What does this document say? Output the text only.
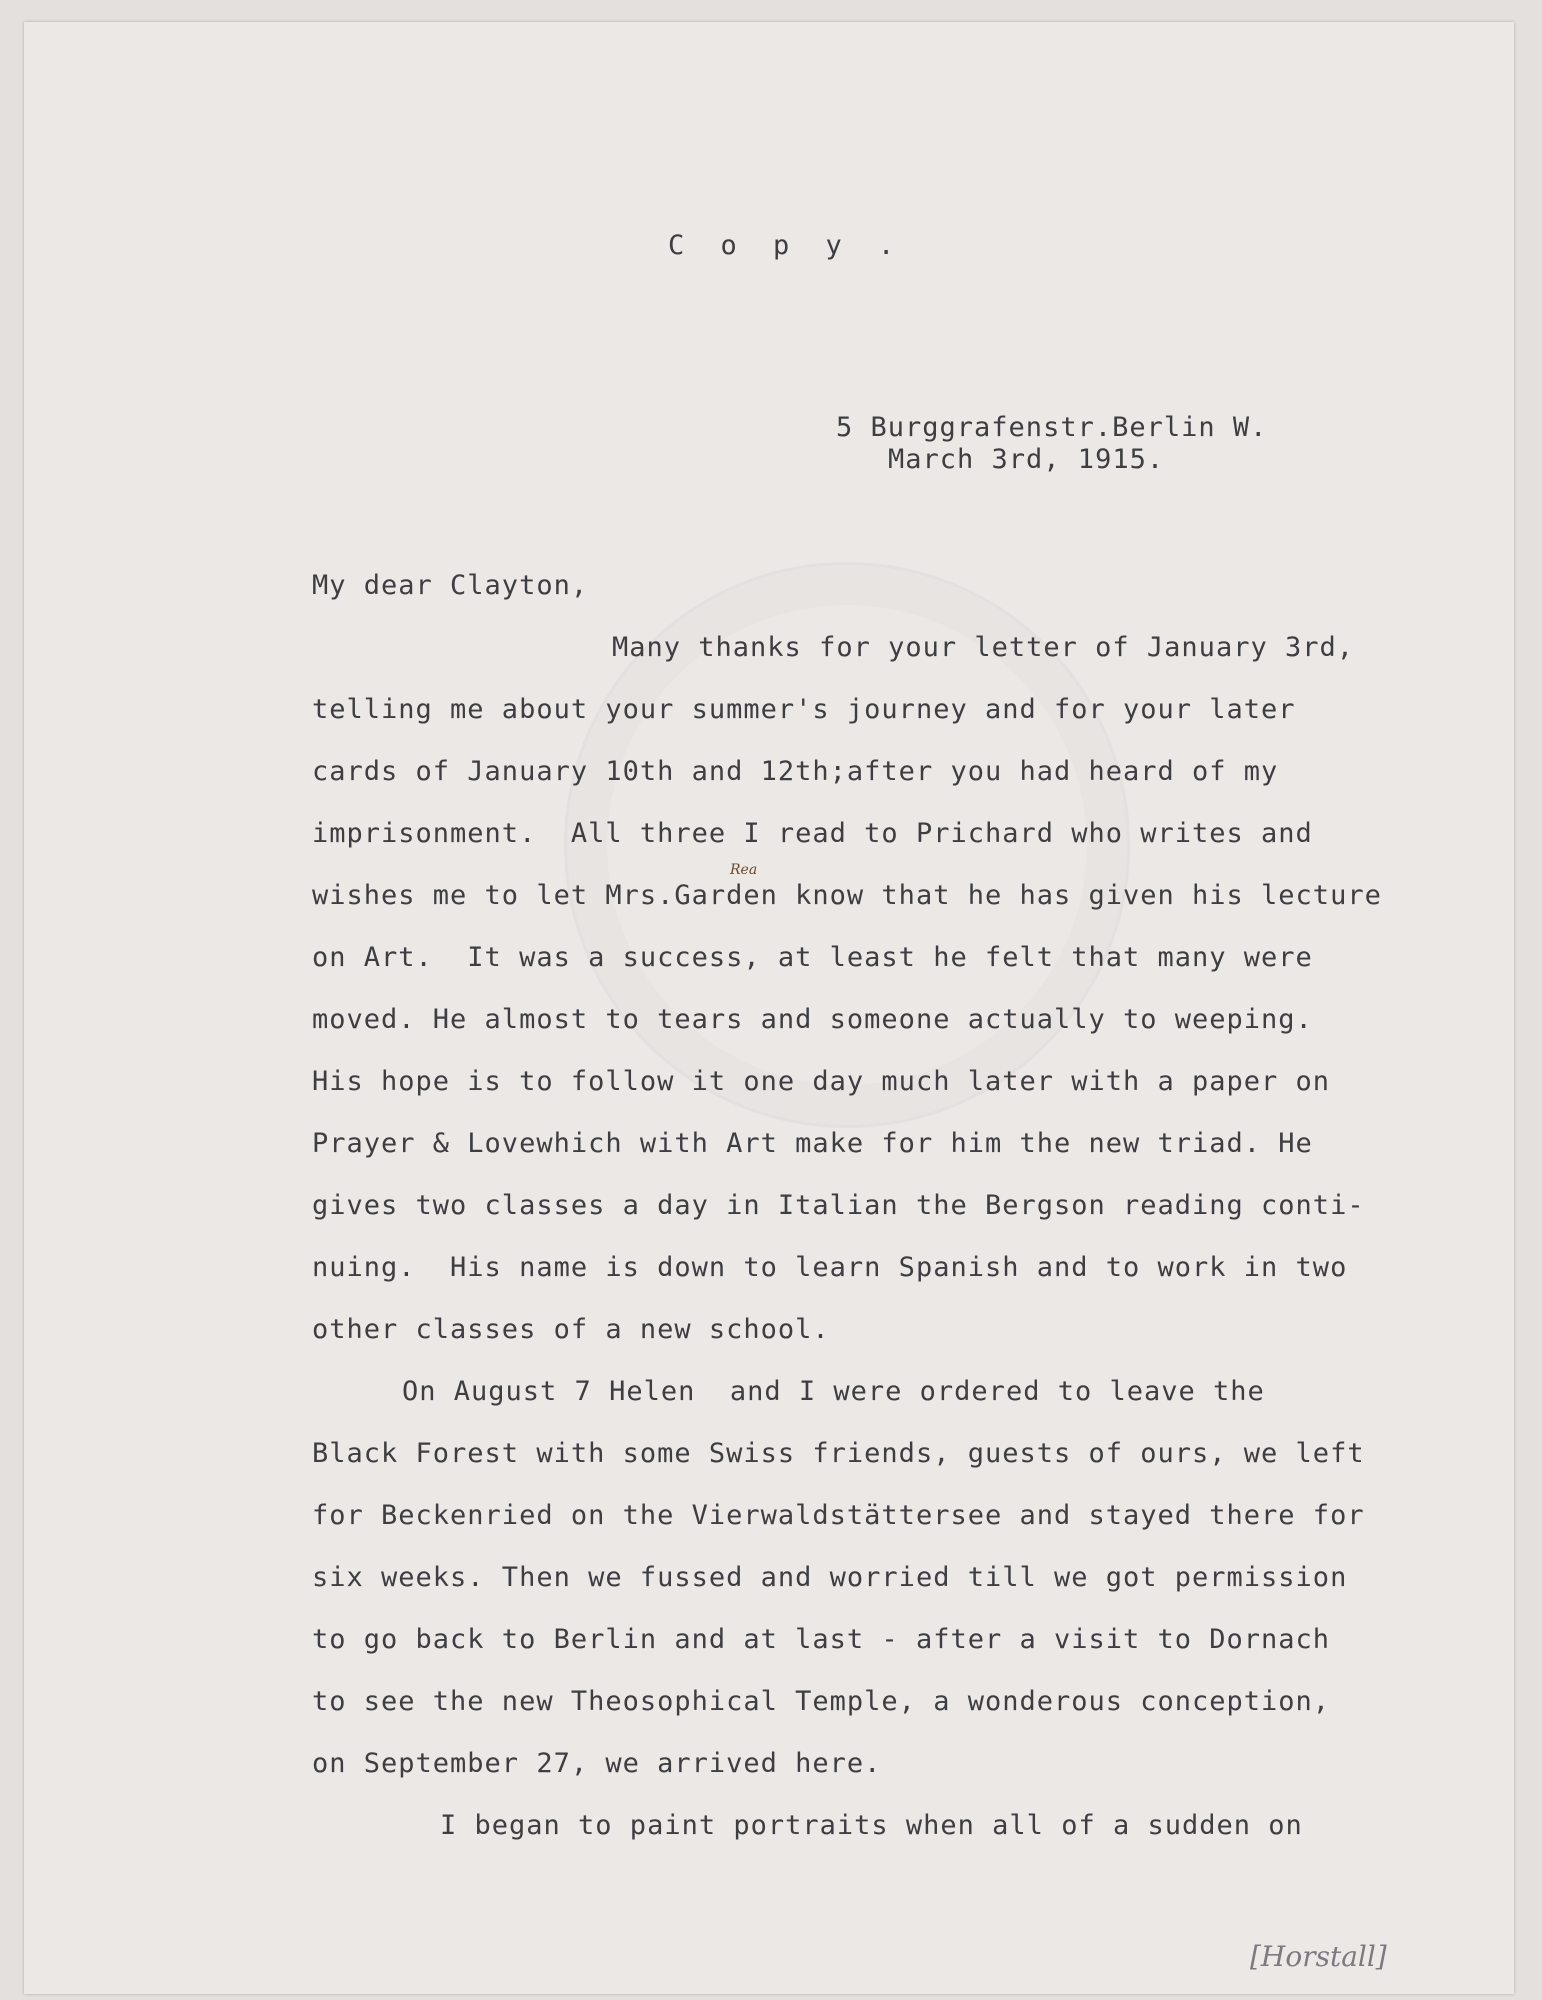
C o p y .
5 Burggrafenstr.Berlin W.
March 3rd, 1915.
My dear Clayton,
Many thanks for your letter of January 3rd,
telling me about your summer's journey and for your later
cards of January 10th and 12th;after you had heard of my
imprisonment.  All three I read to Prichard who writes and
wishes me to let Mrs.Garden know that he has given his lecture
Rea
on Art.  It was a success, at least he felt that many were
moved. He almost to tears and someone actually to weeping.
His hope is to follow it one day much later with a paper on
Prayer & Lovewhich with Art make for him the new triad. He
gives two classes a day in Italian the Bergson reading conti-
nuing.  His name is down to learn Spanish and to work in two
other classes of a new school.
On August 7 Helen  and I were ordered to leave the
Black Forest with some Swiss friends, guests of ours, we left
for Beckenried on the Vierwaldstättersee and stayed there for
six weeks. Then we fussed and worried till we got permission
to go back to Berlin and at last - after a visit to Dornach
to see the new Theosophical Temple, a wonderous conception,
on September 27, we arrived here.
I began to paint portraits when all of a sudden on
[Horstall]
